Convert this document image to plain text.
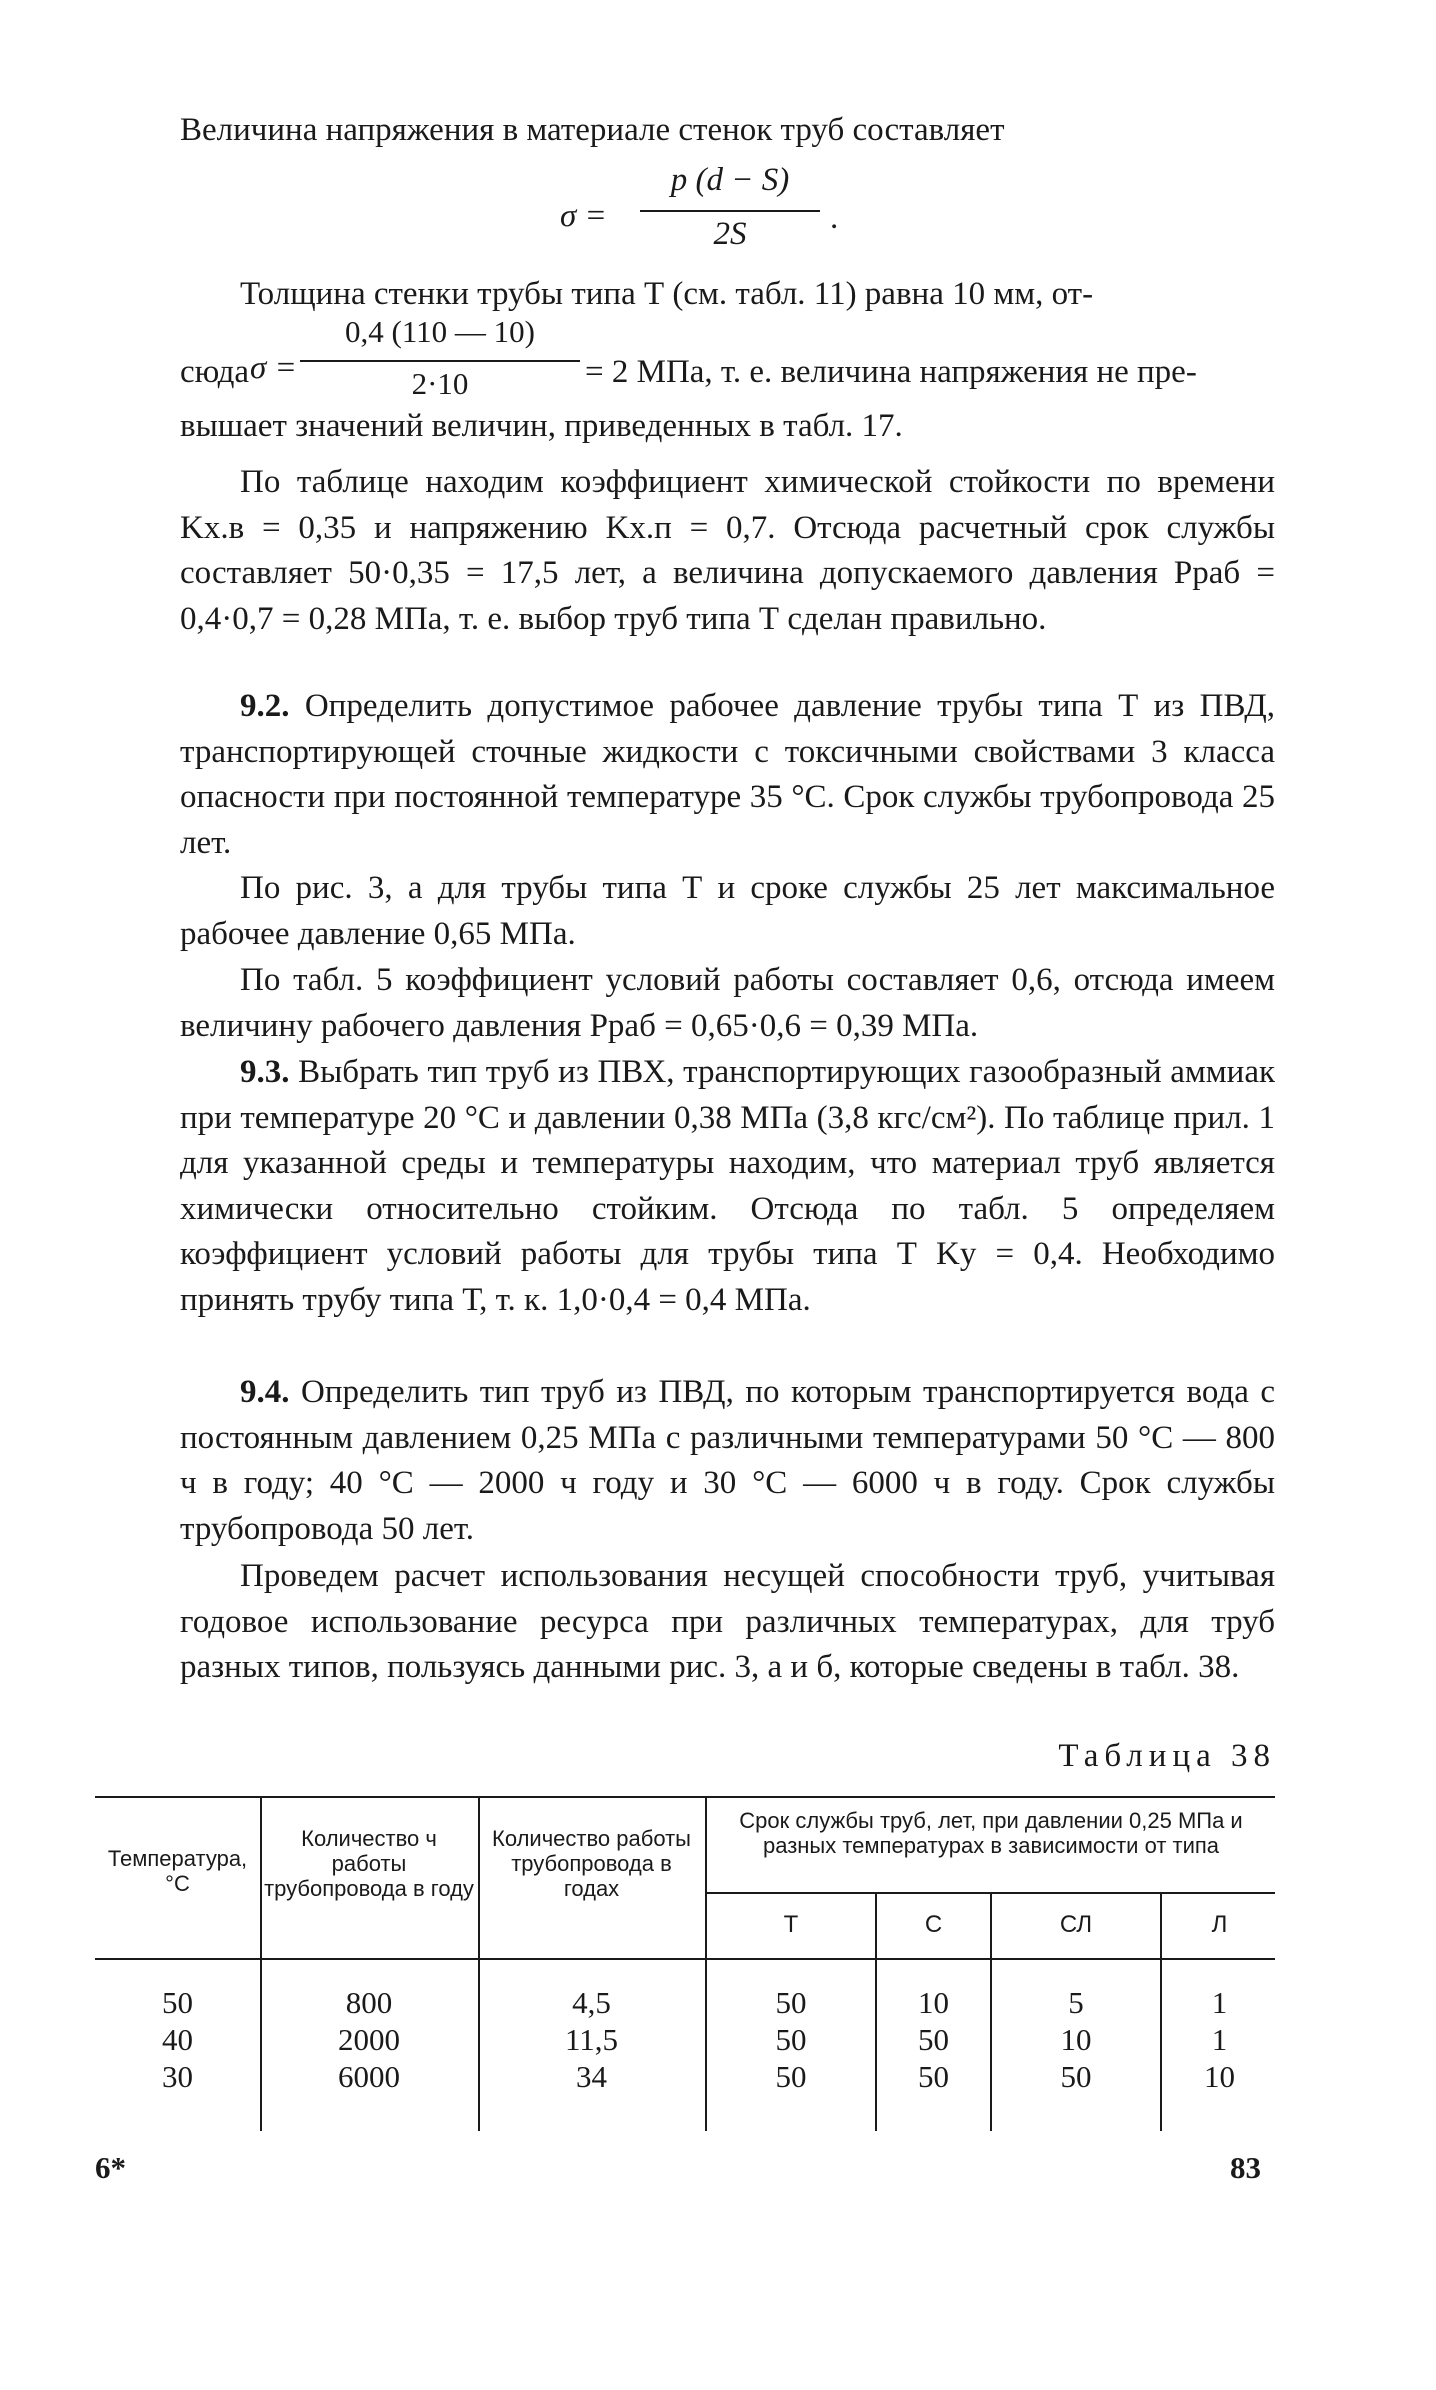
Величина напряжения в материале стенок труб составляет
σ =
p (d − S)
2S	.
Толщина стенки трубы типа Т (см. табл. 11) равна 10 мм, от-
сюда σ =
0,4 (110 — 10)
2·10	= 2 МПа, т. е. величина напряжения не пре-
вышает значений величин, приведенных в табл. 17.
По таблице находим коэффициент химической стойкости по времени Kх.в = 0,35 и напряжению Kх.п = 0,7. Отсюда расчетный срок службы составляет 50·0,35 = 17,5 лет, а величина допускаемого давления Pраб = 0,4·0,7 = 0,28 МПа, т. е. выбор труб типа Т сделан правильно.
9.2. Определить допустимое рабочее давление трубы типа Т из ПВД, транспортирующей сточные жидкости с токсичными свойствами 3 класса опасности при постоянной температуре 35 °С. Срок службы трубопровода 25 лет.
По рис. 3, а для трубы типа Т и сроке службы 25 лет максимальное рабочее давление 0,65 МПа.
По табл. 5 коэффициент условий работы составляет 0,6, отсюда имеем величину рабочего давления Pраб = 0,65·0,6 = 0,39 МПа.
9.3. Выбрать тип труб из ПВХ, транспортирующих газообразный аммиак при температуре 20 °С и давлении 0,38 МПа (3,8 кгс/см²). По таблице прил. 1 для указанной среды и температуры находим, что материал труб является химически относительно стойким. Отсюда по табл. 5 определяем коэффициент условий работы для трубы типа Т Kу = 0,4. Необходимо принять трубу типа Т, т. к. 1,0·0,4 = 0,4 МПа.
9.4. Определить тип труб из ПВД, по которым транспортируется вода с постоянным давлением 0,25 МПа с различными температурами 50 °С — 800 ч в году; 40 °С — 2000 ч году и 30 °С — 6000 ч в году. Срок службы трубопровода 50 лет.
Проведем расчет использования несущей способности труб, учитывая годовое использование ресурса при различных температурах, для труб разных типов, пользуясь данными рис. 3, а и б, которые сведены в табл. 38.
Таблица 38
Температура, °С
Количество ч работы трубопровода в году
Количество работы трубопровода в годах
Срок службы труб, лет, при давлении 0,25 МПа и разных температурах в зависимости от типа
Т	С	СЛ	Л
50	800	4,5	50	10	5	1
40	2000	11,5	50	50	10	1
30	6000	34	50	50	50	10
6*	83
